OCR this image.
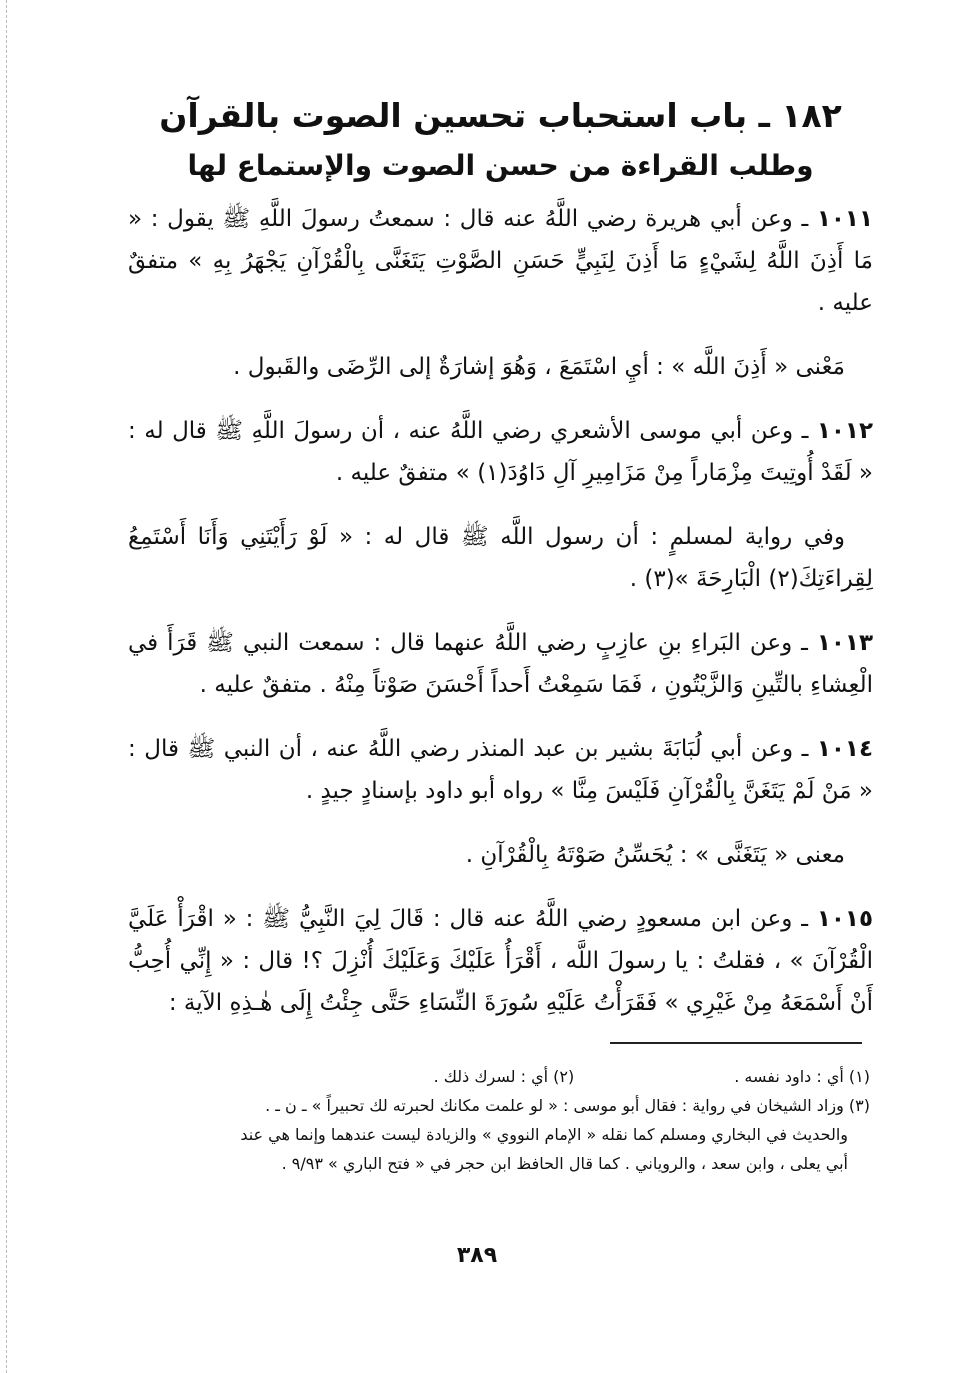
١٨٢ ـ باب استحباب تحسين الصوت بالقرآن
وطلب القراءة من حسن الصوت والإستماع لها

١٠١١ ـ وعن أبي هريرة رضي اللَّهُ عنه قال : سمعتُ رسولَ اللَّهِ ﷺ يقول : « مَا أَذِنَ اللَّهُ لِشَيْءٍ مَا أَذِنَ لِنَبِيٍّ حَسَنِ الصَّوْتِ يَتَغَنَّى بِالْقُرْآنِ يَجْهَرُ بِهِ » متفقٌ عليه .

مَعْنى « أَذِنَ اللَّه » : أيِ اسْتَمَعَ ، وَهُوَ إشارَةٌ إلى الرِّضَى والقَبول .

١٠١٢ ـ وعن أبي موسى الأشعري رضي اللَّهُ عنه ، أن رسولَ اللَّهِ ﷺ قال له : « لَقَدْ أُوتِيتَ مِزْمَاراً مِنْ مَزَامِيرِ آلِ دَاوُدَ(١) » متفقٌ عليه .

وفي رواية لمسلمٍ : أن رسول اللَّه ﷺ قال له : « لَوْ رَأَيْتَنِي وَأَنَا أَسْتَمِعُ لِقِراءَتِكَ(٢) الْبَارِحَةَ »(٣) .

١٠١٣ ـ وعن البَراءِ بنِ عازِبٍ رضي اللَّهُ عنهما قال : سمعت النبي ﷺ قَرَأَ في الْعِشاءِ بالتِّينِ وَالزَّيْتُونِ ، فَمَا سَمِعْتُ أَحداً أَحْسَنَ صَوْتاً مِنْهُ . متفقٌ عليه .

١٠١٤ ـ وعن أبي لُبَابَةَ بشير بن عبد المنذر رضي اللَّهُ عنه ، أن النبي ﷺ قال : « مَنْ لَمْ يَتَغَنَّ بِالْقُرْآنِ فَلَيْسَ مِنَّا » رواه أبو داود بإسنادٍ جيدٍ .

معنى « يَتَغَنَّى » : يُحَسِّنُ صَوْتَهُ بِالْقُرْآنِ .

١٠١٥ ـ وعن ابن مسعودٍ رضي اللَّهُ عنه قال : قَالَ لِيَ النَّبِيُّ ﷺ : « اقْرَأْ عَلَيَّ الْقُرْآنَ » ، فقلتُ : يا رسولَ اللَّه ، أَقْرَأُ عَلَيْكَ وَعَلَيْكَ أُنْزِلَ ؟! قال : « إِنِّي أُحِبُّ أَنْ أَسْمَعَهُ مِنْ غَيْرِي » فَقَرَأْتُ عَلَيْهِ سُورَةَ النِّسَاءِ حَتَّى جِئْتُ إِلَى هٰـذِهِ الآية :

(١) أي : داود نفسه .
(٢) أي : لسرك ذلك .
(٣) وزاد الشيخان في رواية : فقال أبو موسى : « لو علمت مكانك لحبرته لك تحبيراً » ـ ن ـ .
والحديث في البخاري ومسلم كما نقله « الإمام النووي » والزيادة ليست عندهما وإنما هي عند
أبي يعلى ، وابن سعد ، والروياني . كما قال الحافظ ابن حجر في « فتح الباري » ٩/٩٣ .
٣٨٩
